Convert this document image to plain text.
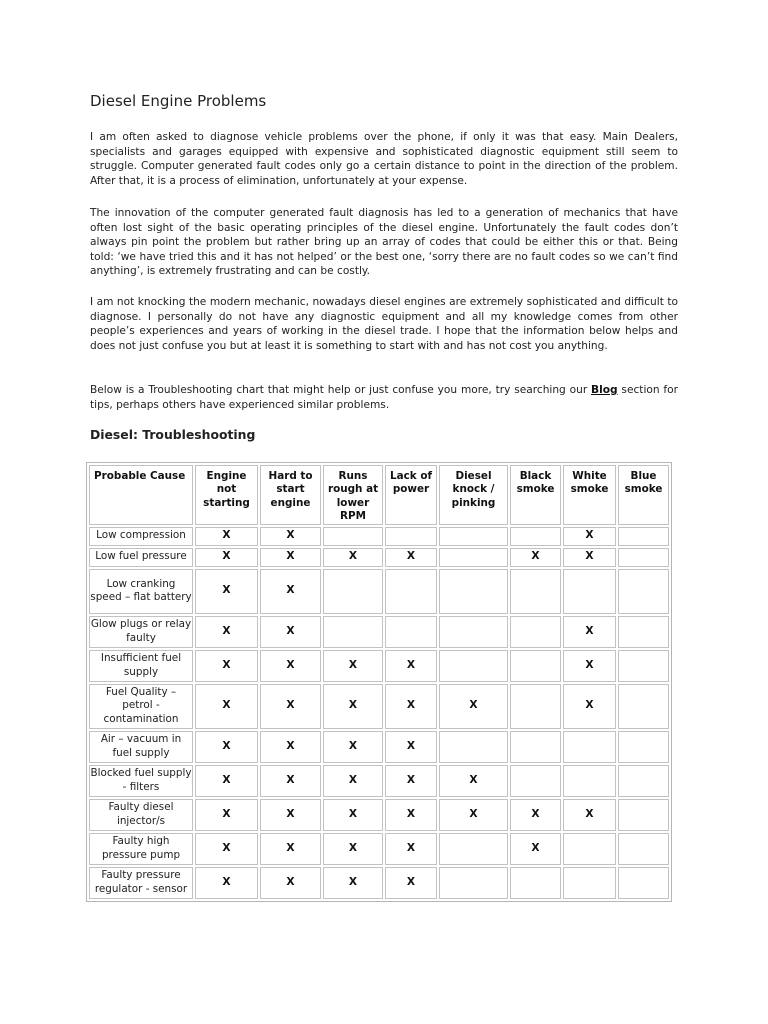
Diesel Engine Problems

I am often asked to diagnose vehicle problems over the phone, if only it was that easy. Main Dealers, specialists and garages equipped with expensive and sophisticated diagnostic equipment still seem to struggle. Computer generated fault codes only go a certain distance to point in the direction of the problem. After that, it is a process of elimination, unfortunately at your expense.

The innovation of the computer generated fault diagnosis has led to a generation of mechanics that have often lost sight of the basic operating principles of the diesel engine. Unfortunately the fault codes don’t always pin point the problem but rather bring up an array of codes that could be either this or that. Being told: ‘we have tried this and it has not helped’ or the best one, ‘sorry there are no fault codes so we can’t find anything’, is extremely frustrating and can be costly.

I am not knocking the modern mechanic, nowadays diesel engines are extremely sophisticated and difficult to diagnose. I personally do not have any diagnostic equipment and all my knowledge comes from other people’s experiences and years of working in the diesel trade. I hope that the information below helps and does not just confuse you but at least it is something to start with and has not cost you anything.

Below is a Troubleshooting chart that might help or just confuse you more, try searching our Blog section for tips, perhaps others have experienced similar problems.

Diesel: Troubleshooting
Probable Cause	Engine not starting	Hard to start engine	Runs rough at lower RPM	Lack of power	Diesel knock / pinking	Black smoke	White smoke	Blue smoke
Low compression	X	X					X	
Low fuel pressure	X	X	X	X		X	X	
Low cranking speed – flat battery	X	X						
Glow plugs or relay faulty	X	X					X	
Insufficient fuel supply	X	X	X	X			X	
Fuel Quality – petrol - contamination	X	X	X	X	X		X	
Air – vacuum in fuel supply	X	X	X	X				
Blocked fuel supply - filters	X	X	X	X	X			
Faulty diesel injector/s	X	X	X	X	X	X	X	
Faulty high pressure pump	X	X	X	X		X		
Faulty pressure regulator - sensor	X	X	X	X				
